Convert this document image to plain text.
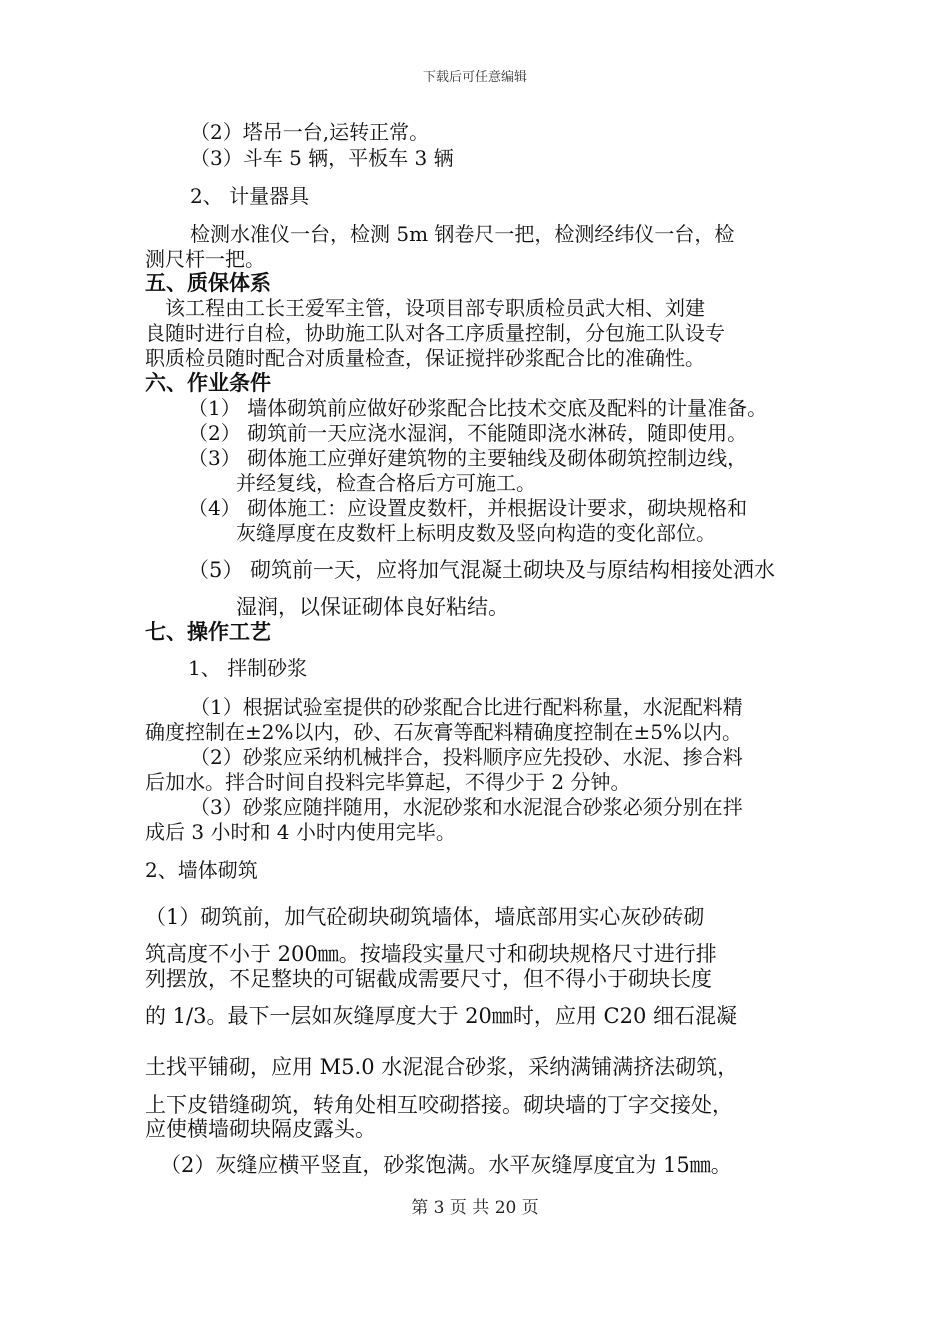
下载后可任意编辑
（2）塔吊一台,运转正常。
（3）斗车 5 辆，平板车 3 辆
2、 计量器具
检测水准仪一台，检测 5m 钢卷尺一把，检测经纬仪一台，检
测尺杆一把。
五、质保体系
该工程由工长王爱军主管，设项目部专职质检员武大相、刘建
良随时进行自检，协助施工队对各工序质量控制，分包施工队设专
职质检员随时配合对质量检查，保证搅拌砂浆配合比的准确性。
六、作业条件
（1） 墙体砌筑前应做好砂浆配合比技术交底及配料的计量准备。
（2） 砌筑前一天应浇水湿润，不能随即浇水淋砖，随即使用。
（3） 砌体施工应弹好建筑物的主要轴线及砌体砌筑控制边线，
并经复线，检查合格后方可施工。
（4） 砌体施工：应设置皮数杆，并根据设计要求，砌块规格和
灰缝厚度在皮数杆上标明皮数及竖向构造的变化部位。
（5） 砌筑前一天，应将加气混凝土砌块及与原结构相接处洒水
湿润，以保证砌体良好粘结。
七、操作工艺
1、 拌制砂浆
（1）根据试验室提供的砂浆配合比进行配料称量，水泥配料精
确度控制在±2%以内，砂、石灰膏等配料精确度控制在±5%以内。
（2）砂浆应采纳机械拌合，投料顺序应先投砂、水泥、掺合料
后加水。拌合时间自投料完毕算起，不得少于 2 分钟。
（3）砂浆应随拌随用，水泥砂浆和水泥混合砂浆必须分别在拌
成后 3 小时和 4 小时内使用完毕。
2、墙体砌筑
（1）砌筑前，加气砼砌块砌筑墙体，墙底部用实心灰砂砖砌
筑高度不小于 200㎜。按墙段实量尺寸和砌块规格尺寸进行排
列摆放，不足整块的可锯截成需要尺寸，但不得小于砌块长度
的 1/3。最下一层如灰缝厚度大于 20㎜时，应用 C20 细石混凝
土找平铺砌，应用 M5.0 水泥混合砂浆，采纳满铺满挤法砌筑，
上下皮错缝砌筑，转角处相互咬砌搭接。砌块墙的丁字交接处，
应使横墙砌块隔皮露头。
（2）灰缝应横平竖直，砂浆饱满。水平灰缝厚度宜为 15㎜。
第 3 页 共 20 页
